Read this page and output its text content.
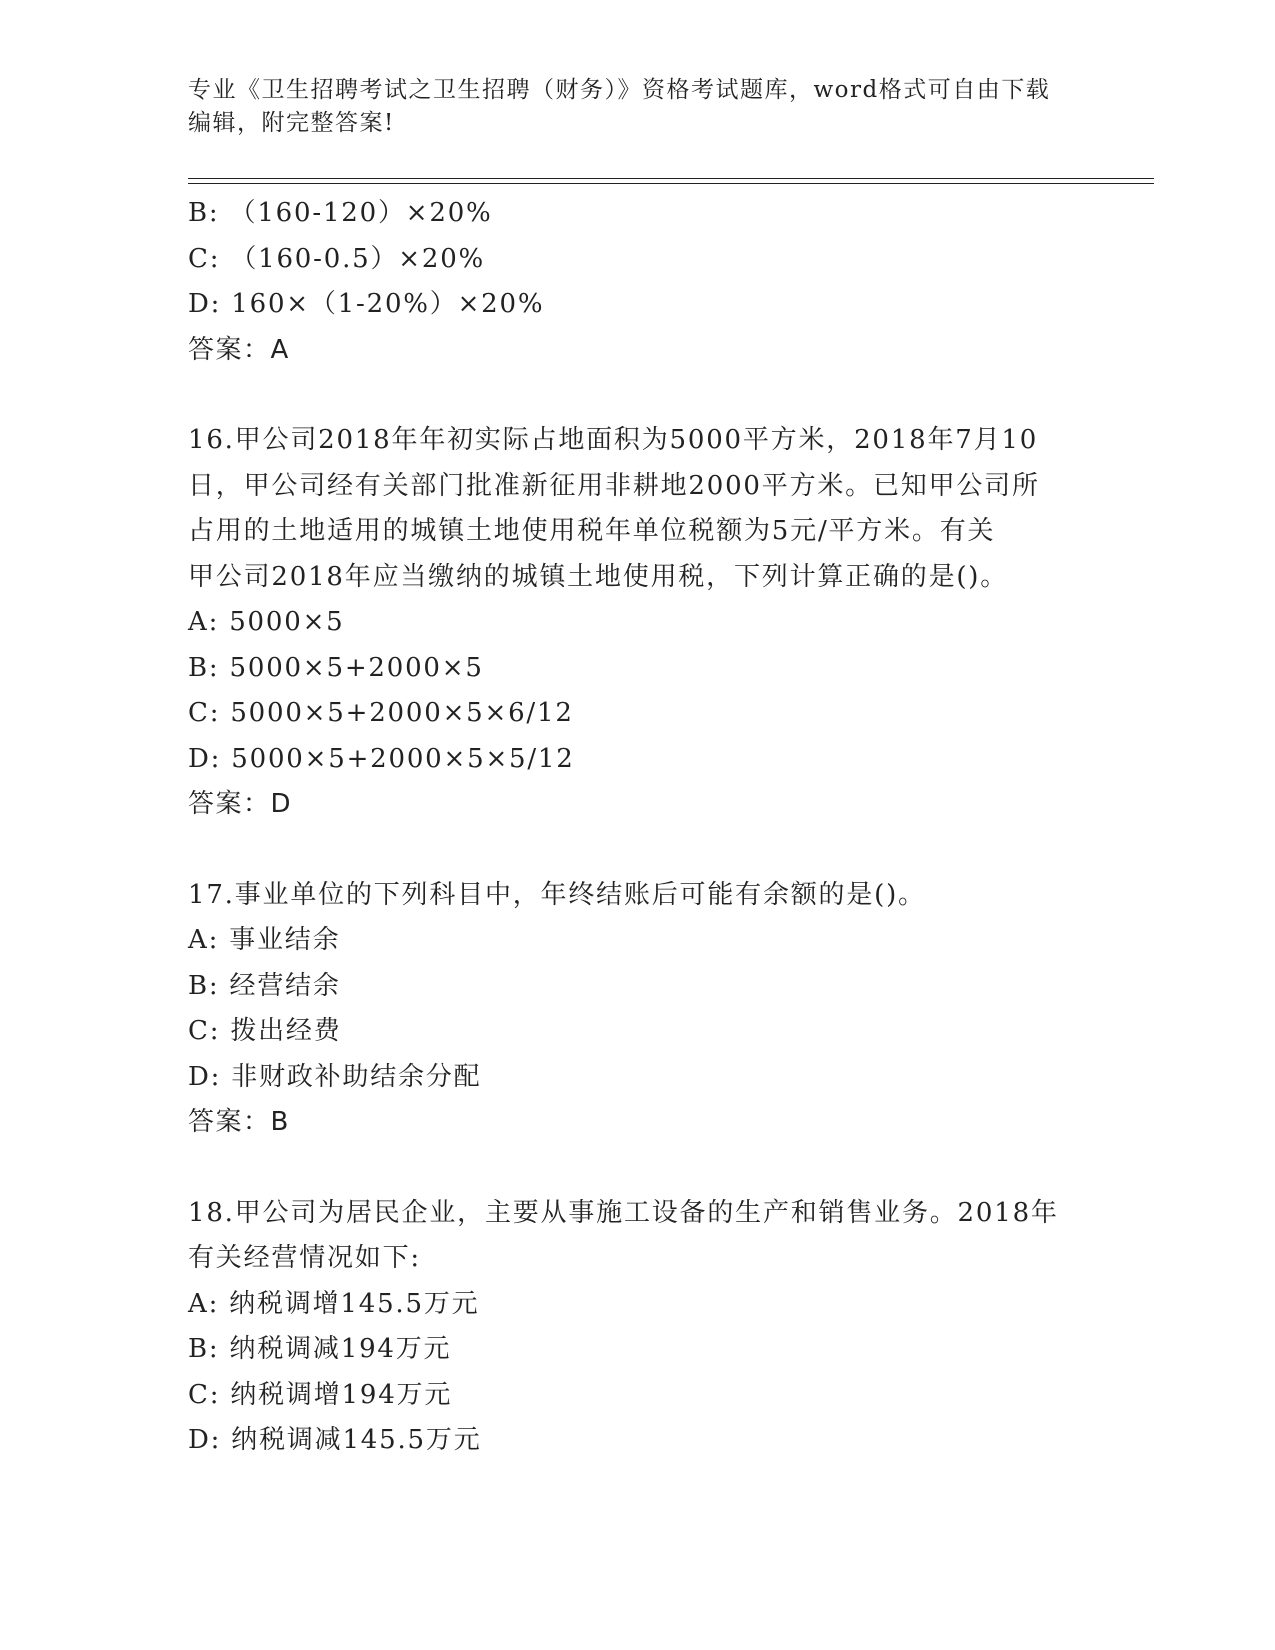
专业《卫生招聘考试之卫生招聘（财务）》资格考试题库，word格式可自由下载

编辑，附完整答案!

B: （160-120）×20%
C: （160-0.5）×20%
D: 160×（1-20%）×20%
答案：A
16.甲公司2018年年初实际占地面积为5000平方米，2018年7月10
日，甲公司经有关部门批准新征用非耕地2000平方米。已知甲公司所
占用的土地适用的城镇土地使用税年单位税额为5元/平方米。有关
甲公司2018年应当缴纳的城镇土地使用税，下列计算正确的是()。
A: 5000×5
B: 5000×5+2000×5
C: 5000×5+2000×5×6/12
D: 5000×5+2000×5×5/12
答案：D
17.事业单位的下列科目中，年终结账后可能有余额的是()。
A: 事业结余
B: 经营结余
C: 拨出经费
D: 非财政补助结余分配
答案：B
18.甲公司为居民企业，主要从事施工设备的生产和销售业务。2018年
有关经营情况如下:
A: 纳税调增145.5万元
B: 纳税调减194万元
C: 纳税调增194万元
D: 纳税调减145.5万元
